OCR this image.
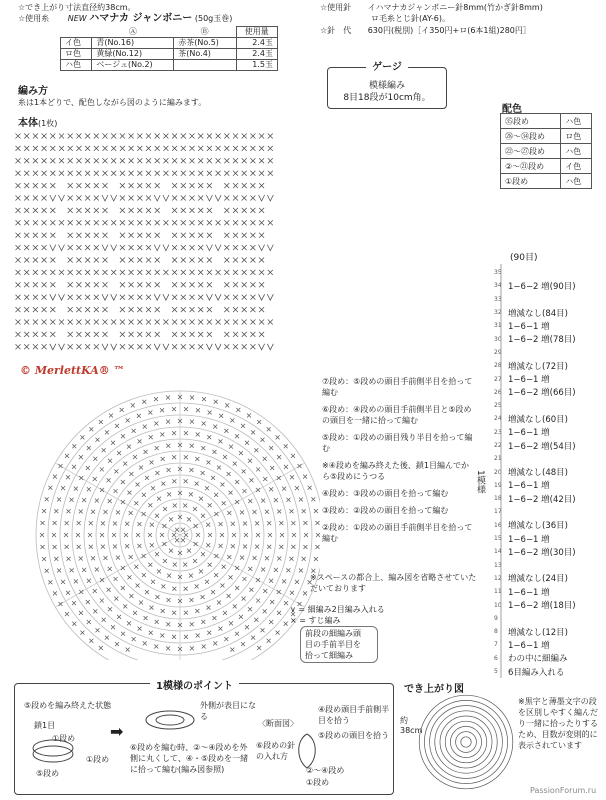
☆でき上がり寸法直径約38cm。
☆使用糸 NEW ハマナカ ジャンボニー (50g玉巻)
☆使用針 イハマナカジャンボニー針8mm(竹かぎ針8mm)
ロ毛糸とじ針(AY-6)。
☆針　代 630円(税別)［イ350円+ロ(6本1組)280円］
	Ⓐ	Ⓑ	使用量
イ色	青(No.16)	赤茶(No.5)	2.4玉
ロ色	黄緑(No.12)	茶(No.4)	2.4玉
ハ色	ベージュ(No.2)		1.5玉	ゲージ
模様編み
8目18段が10cm角。
編み方
糸は1本どりで、配色しながら図のように編みます。
本体(1枚)
配色
㉟段め	ハ色
㉘〜㉞段め	ロ色
㉒〜㉗段め	ハ色
②〜㉑段め	イ色
①段め	ハ色
© MerlettKA® ™
⑦段め：⑤段めの頭目手前側半目を拾って編む
⑥段め：④段めの頭目手前側半目と⑤段めの頭目を一緒に拾って編む
⑤段め：①段めの頭目残り半目を拾って編む
※④段めを編み終えた後、鎖1目編んでから⑤段めにうつる
④段め：③段めの頭目を拾って編む
③段め：②段めの頭目を拾って編む
②段め：①段めの頭目手前側半目を拾って編む
1模様
※スペースの都合上、編み図を省略させていただいております
∨ = 細編み2目編み入れる
× = すじ編み
前段の細編み頭
目の手前半目を
拾って細編み
(90目)
35
34 1−6−2 増(90目)
33
32 増減なし(84目)
31 1−6−1 増
30 1−6−2 増(78目)
29
28 増減なし(72目)
27 1−6−1 増
26 1−6−2 増(66目)
25
24 増減なし(60目)
23 1−6−1 増
22 1−6−2 増(54目)
21
20 増減なし(48目)
19 1−6−1 増
18 1−6−2 増(42目)
17
16 増減なし(36目)
15 1−6−1 増
14 1−6−2 増(30目)
13
12 増減なし(24目)
11 1−6−1 増
10 1−6−2 増(18目)
9
8	増減なし(12目)
7	1−6−1 増
6	わの中に細編み
5	6目編み入れる
1模様のポイント
⑤段めを編み終えた状態
鎖1目
①段め
①段め
⑤段め
➡
外側が表目になる
⑥段めを編む時、②〜④段めを外側に丸くして、④・⑤段めを一緒に拾って編む(編み図参照)
〈断面図〉
④段め頭目手前側半目を拾う
⑤段めの頭目を拾う
⑥段めの針の入れ方
②〜④段め
①段め
でき上がり図
約38cm
※黒字と薄墨文字の段を区別しやすく編んだり一緒に拾ったりするため、目数が変則的に表示されています
PassionForum.ru
